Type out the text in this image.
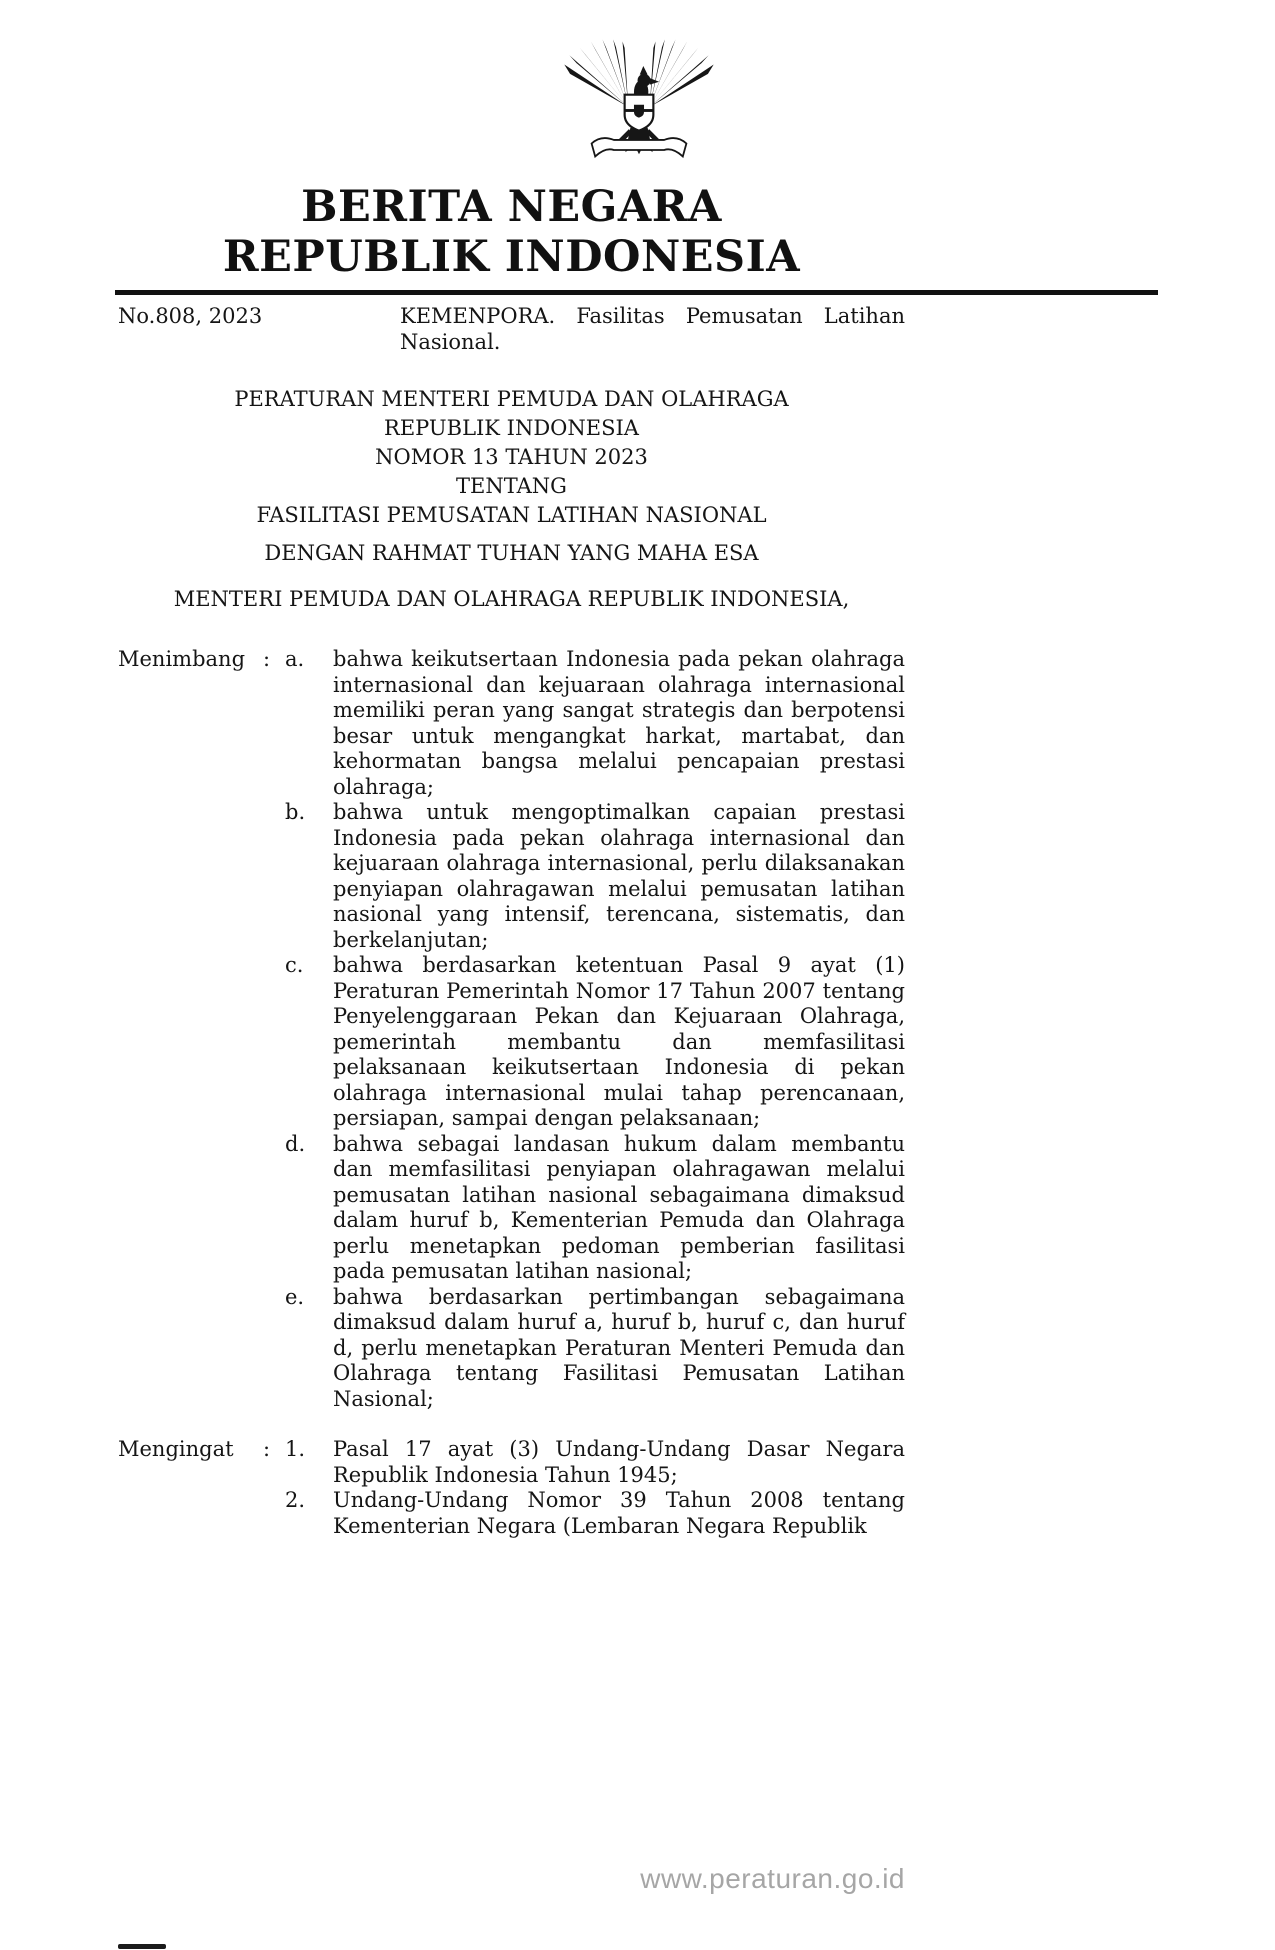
BERITA NEGARA
REPUBLIK INDONESIA
No.808, 2023	KEMENPORA. Fasilitas Pemusatan Latihan Nasional.
PERATURAN MENTERI PEMUDA DAN OLAHRAGA
REPUBLIK INDONESIA
NOMOR 13 TAHUN 2023
TENTANG
FASILITASI PEMUSATAN LATIHAN NASIONAL
DENGAN RAHMAT TUHAN YANG MAHA ESA
MENTERI PEMUDA DAN OLAHRAGA REPUBLIK INDONESIA,
Menimbang : a.	bahwa keikutsertaan Indonesia pada pekan olahraga internasional dan kejuaraan olahraga internasional memiliki peran yang sangat strategis dan berpotensi besar untuk mengangkat harkat, martabat, dan kehormatan bangsa melalui pencapaian prestasi olahraga;
b.	bahwa untuk mengoptimalkan capaian prestasi Indonesia pada pekan olahraga internasional dan kejuaraan olahraga internasional, perlu dilaksanakan penyiapan olahragawan melalui pemusatan latihan nasional yang intensif, terencana, sistematis, dan berkelanjutan;
c.	bahwa berdasarkan ketentuan Pasal 9 ayat (1) Peraturan Pemerintah Nomor 17 Tahun 2007 tentang Penyelenggaraan Pekan dan Kejuaraan Olahraga, pemerintah membantu dan memfasilitasi pelaksanaan keikutsertaan Indonesia di pekan olahraga internasional mulai tahap perencanaan, persiapan, sampai dengan pelaksanaan;
d.	bahwa sebagai landasan hukum dalam membantu dan memfasilitasi penyiapan olahragawan melalui pemusatan latihan nasional sebagaimana dimaksud dalam huruf b, Kementerian Pemuda dan Olahraga perlu menetapkan pedoman pemberian fasilitasi pada pemusatan latihan nasional;
e.	bahwa berdasarkan pertimbangan sebagaimana dimaksud dalam huruf a, huruf b, huruf c, dan huruf d, perlu menetapkan Peraturan Menteri Pemuda dan Olahraga tentang Fasilitasi Pemusatan Latihan Nasional;
Mengingat	: 1.	Pasal 17 ayat (3) Undang-Undang Dasar Negara Republik Indonesia Tahun 1945;
2.	Undang-Undang Nomor 39 Tahun 2008 tentang Kementerian Negara (Lembaran Negara Republik
www.peraturan.go.id
